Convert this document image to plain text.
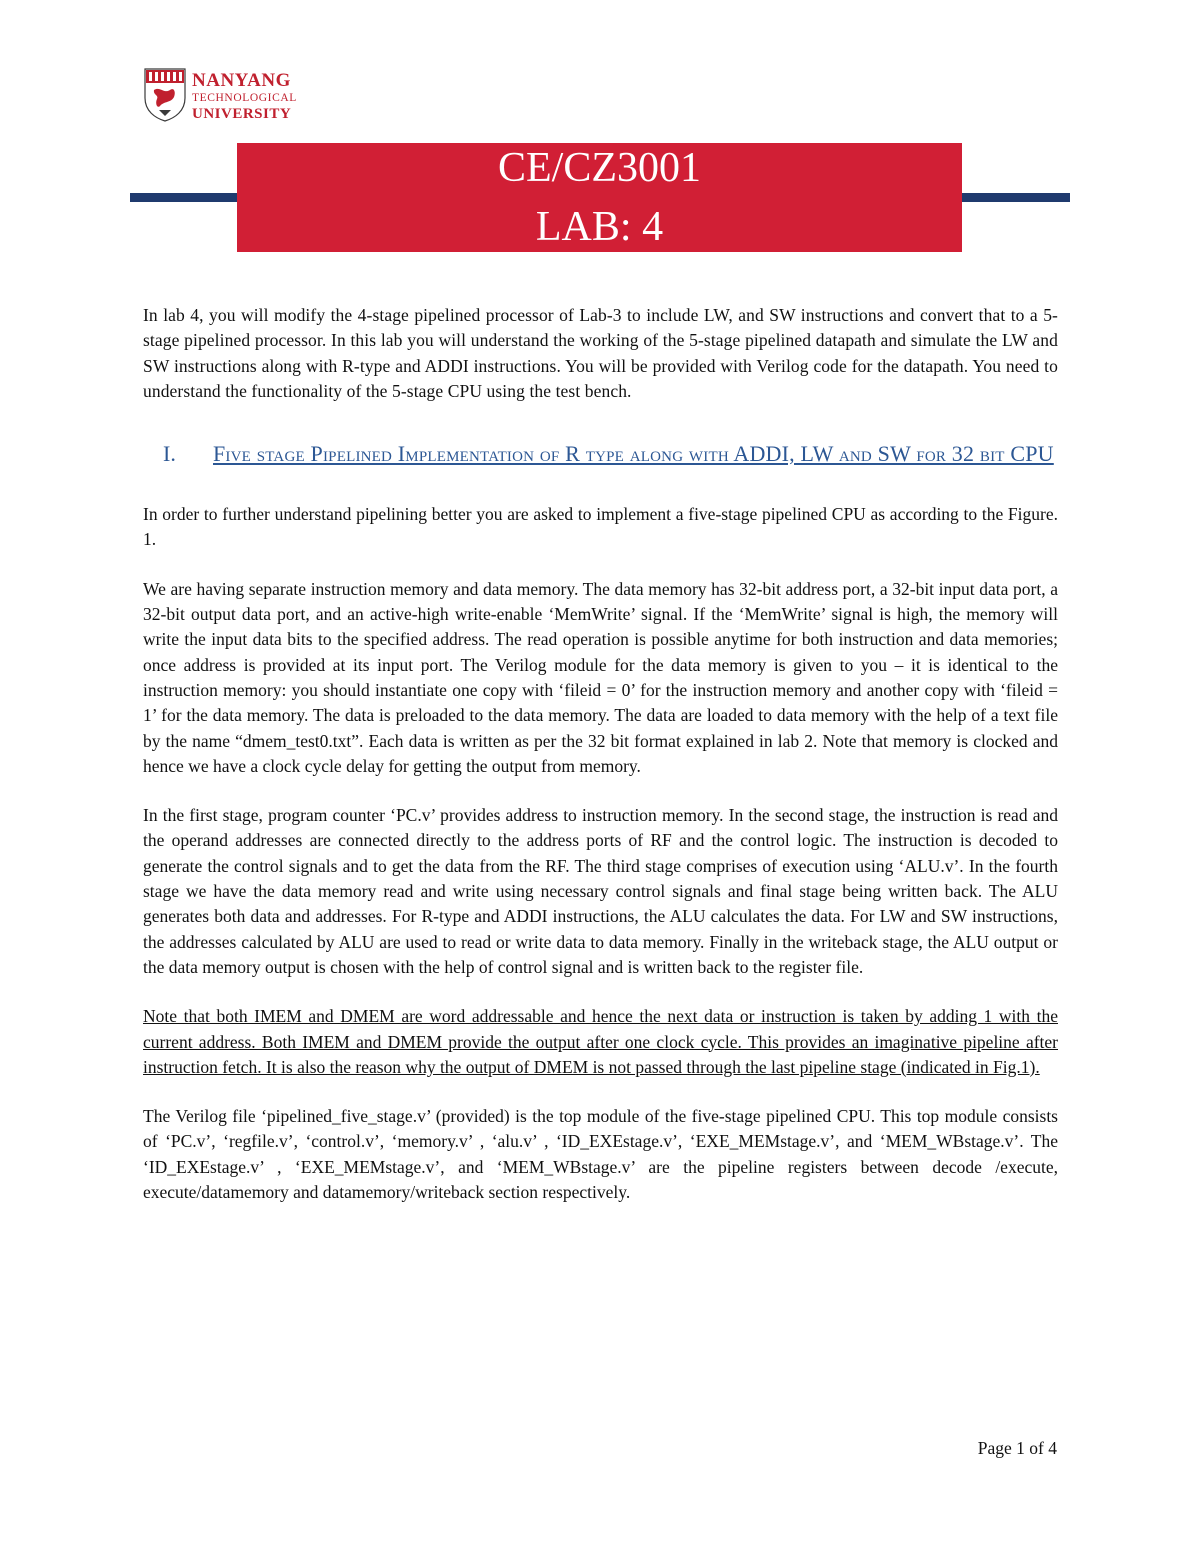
NANYANG
TECHNOLOGICAL
UNIVERSITY
CE/CZ3001
LAB: 4

In lab 4, you will modify the 4-stage pipelined processor of Lab-3 to include LW, and SW instructions and convert that to a 5-stage pipelined processor. In this lab you will understand the working of the 5-stage pipelined datapath and simulate the LW and SW instructions along with R-type and ADDI instructions. You will be provided with Verilog code for the datapath. You need to understand the functionality of the 5-stage CPU using the test bench.

I. Five stage Pipelined Implementation of R type along with ADDI, LW and SW for 32 bit CPU

In order to further understand pipelining better you are asked to implement a five-stage pipelined CPU as according to the Figure. 1.

We are having separate instruction memory and data memory. The data memory has 32-bit address port, a 32-bit input data port, a 32-bit output data port, and an active-high write-enable ‘MemWrite’ signal. If the ‘MemWrite’ signal is high, the memory will write the input data bits to the specified address. The read operation is possible anytime for both instruction and data memories; once address is provided at its input port. The Verilog module for the data memory is given to you – it is identical to the instruction memory: you should instantiate one copy with ‘fileid = 0’ for the instruction memory and another copy with ‘fileid = 1’ for the data memory. The data is preloaded to the data memory. The data are loaded to data memory with the help of a text file by the name “dmem_test0.txt”. Each data is written as per the 32 bit format explained in lab 2. Note that memory is clocked and hence we have a clock cycle delay for getting the output from memory.

In the first stage, program counter ‘PC.v’ provides address to instruction memory. In the second stage, the instruction is read and the operand addresses are connected directly to the address ports of RF and the control logic. The instruction is decoded to generate the control signals and to get the data from the RF. The third stage comprises of execution using ‘ALU.v’. In the fourth stage we have the data memory read and write using necessary control signals and final stage being written back. The ALU generates both data and addresses. For R-type and ADDI instructions, the ALU calculates the data. For LW and SW instructions, the addresses calculated by ALU are used to read or write data to data memory. Finally in the writeback stage, the ALU output or the data memory output is chosen with the help of control signal and is written back to the register file.

Note that both IMEM and DMEM are word addressable and hence the next data or instruction is taken by adding 1 with the current address. Both IMEM and DMEM provide the output after one clock cycle. This provides an imaginative pipeline after instruction fetch. It is also the reason why the output of DMEM is not passed through the last pipeline stage (indicated in Fig.1).

The Verilog file ‘pipelined_five_stage.v’ (provided) is the top module of the five-stage pipelined CPU. This top module consists of ‘PC.v’, ‘regfile.v’, ‘control.v’, ‘memory.v’ , ‘alu.v’ , ‘ID_EXEstage.v’, ‘EXE_MEMstage.v’, and ‘MEM_WBstage.v’. The ‘ID_EXEstage.v’ , ‘EXE_MEMstage.v’, and ‘MEM_WBstage.v’ are the pipeline registers between decode /execute, execute/datamemory and datamemory/writeback section respectively.

Page 1 of 4
